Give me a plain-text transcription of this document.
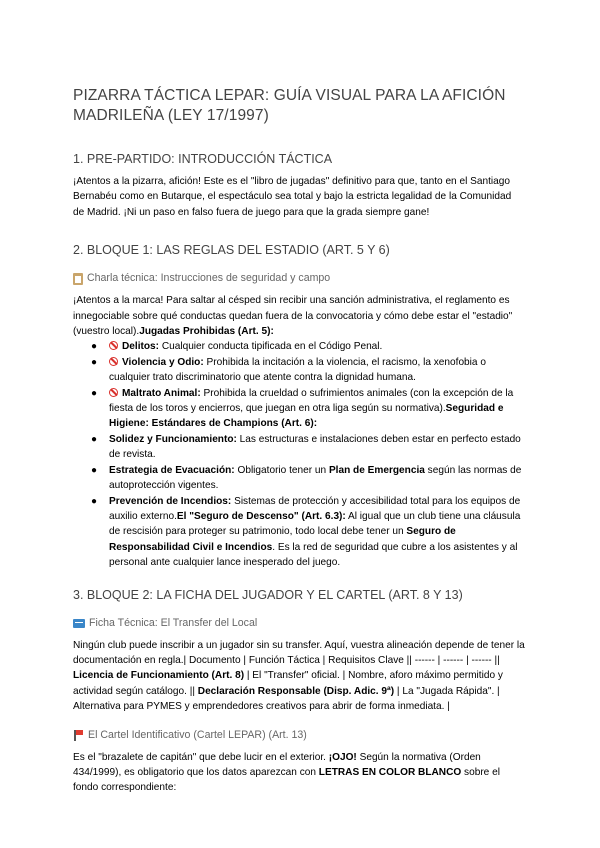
PIZARRA TÁCTICA LEPAR: GUÍA VISUAL PARA LA AFICIÓN MADRILEÑA (LEY 17/1997)
1. PRE-PARTIDO: INTRODUCCIÓN TÁCTICA

¡Atentos a la pizarra, afición! Este es el "libro de jugadas" definitivo para que, tanto en el Santiago Bernabéu como en Butarque, el espectáculo sea total y bajo la estricta legalidad de la Comunidad de Madrid. ¡Ni un paso en falso fuera de juego para que la grada siempre gane!

2. BLOQUE 1: LAS REGLAS DEL ESTADIO (ART. 5 Y 6)
Charla técnica: Instrucciones de seguridad y campo

¡Atentos a la marca! Para saltar al césped sin recibir una sanción administrativa, el reglamento es innegociable sobre qué conductas quedan fuera de la convocatoria y cómo debe estar el "estadio" (vuestro local).Jugadas Prohibidas (Art. 5):

● Delitos: Cualquier conducta tipificada en el Código Penal.
● Violencia y Odio: Prohibida la incitación a la violencia, el racismo, la xenofobia o cualquier trato discriminatorio que atente contra la dignidad humana.
● Maltrato Animal: Prohibida la crueldad o sufrimientos animales (con la excepción de la fiesta de los toros y encierros, que juegan en otra liga según su normativa).Seguridad e Higiene: Estándares de Champions (Art. 6):
● Solidez y Funcionamiento: Las estructuras e instalaciones deben estar en perfecto estado de revista.
● Estrategia de Evacuación: Obligatorio tener un Plan de Emergencia según las normas de autoprotección vigentes.
● Prevención de Incendios: Sistemas de protección y accesibilidad total para los equipos de auxilio externo.El "Seguro de Descenso" (Art. 6.3): Al igual que un club tiene una cláusula de rescisión para proteger su patrimonio, todo local debe tener un Seguro de Responsabilidad Civil e Incendios. Es la red de seguridad que cubre a los asistentes y al personal ante cualquier lance inesperado del juego.
3. BLOQUE 2: LA FICHA DEL JUGADOR Y EL CARTEL (ART. 8 Y 13)
Ficha Técnica: El Transfer del Local

Ningún club puede inscribir a un jugador sin su transfer. Aquí, vuestra alineación depende de tener la documentación en regla.| Documento | Función Táctica | Requisitos Clave || ------ | ------ | ------ || Licencia de Funcionamiento (Art. 8) | El "Transfer" oficial. | Nombre, aforo máximo permitido y actividad según catálogo. || Declaración Responsable (Disp. Adic. 9ª) | La "Jugada Rápida". | Alternativa para PYMES y emprendedores creativos para abrir de forma inmediata. |

El Cartel Identificativo (Cartel LEPAR) (Art. 13)

Es el "brazalete de capitán" que debe lucir en el exterior. ¡OJO! Según la normativa (Orden 434/1999), es obligatorio que los datos aparezcan con LETRAS EN COLOR BLANCO sobre el fondo correspondiente:
